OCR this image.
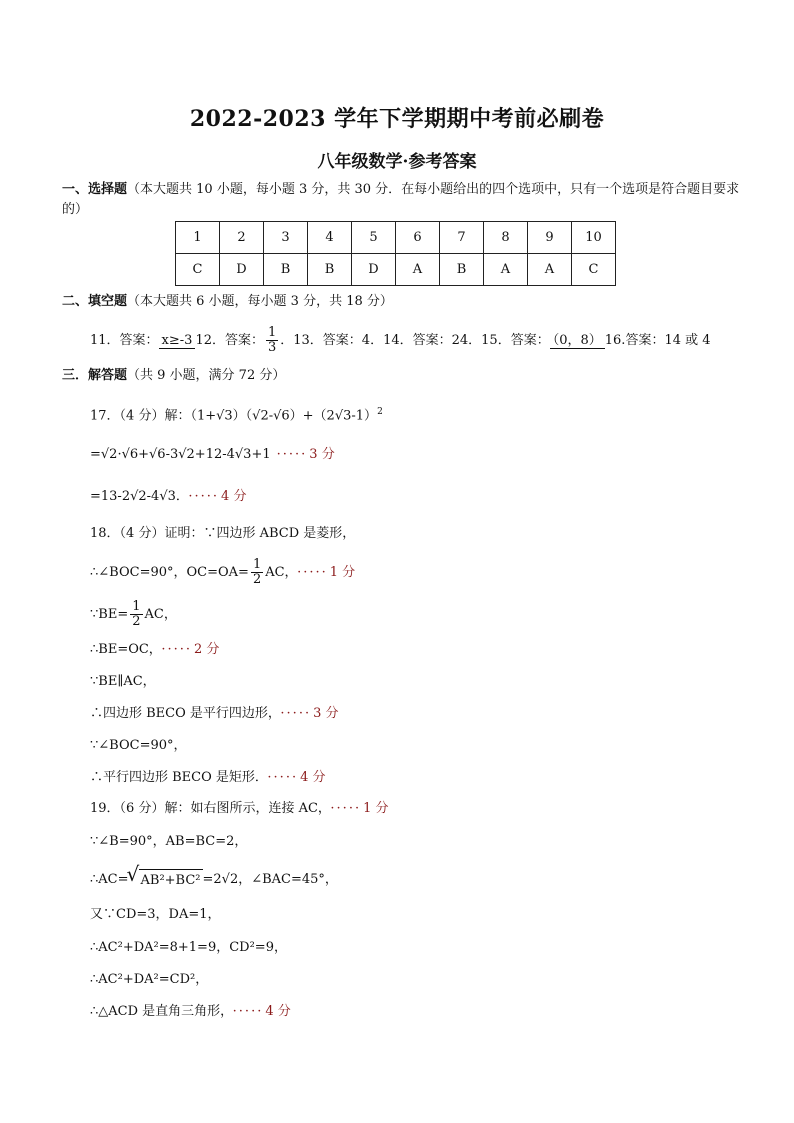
2022-2023 学年下学期期中考前必刷卷
八年级数学·参考答案
一、选择题（本大题共 10 小题，每小题 3 分，共 30 分．在每小题给出的四个选项中，只有一个选项是符合题目要求的）
1	2	3	4	5	6	7	8	9	10
C	D	B	B	D	A	B	A	A	C
二、填空题（本大题共 6 小题，每小题 3 分，共 18 分）
11．答案： x≥-3 12．答案： $\frac{1}{3}$ ．13．答案：4．14．答案：24．15．答案： （0，8） 16.答案：14 或 4
三．解答题（共 9 小题，满分 72 分）
17．（4 分）解：$(1+√3)(√2-√6)+(2√3-1)^2$
=√2·√6+√6-3√2+12-4√3+1 ····· 3 分
=13-2√2-4√3． ····· 4 分
18．（4 分）证明：∵四边形 ABCD 是菱形，
∴∠BOC=90°，$OC=OA= \frac{1}{2}$ AC， ····· 1 分
∵BE= $\frac{1}{2}$ AC，
∴BE=OC， ····· 2 分
∵BE∥AC，
∴四边形 BECO 是平行四边形， ····· 3 分
∵∠BOC=90°，
∴平行四边形 BECO 是矩形． ····· 4 分
19．（6 分）解：如右图所示，连接 AC， ····· 1 分
∵∠B=90°，AB=BC=2，
∴AC= √ AB²+BC² =2√2，∠BAC=45°，
又∵CD=3，DA=1，
∴AC²+DA²=8+1=9，CD²=9，
∴AC²+DA²=CD²，
∴△ACD 是直角三角形， ····· 4 分
